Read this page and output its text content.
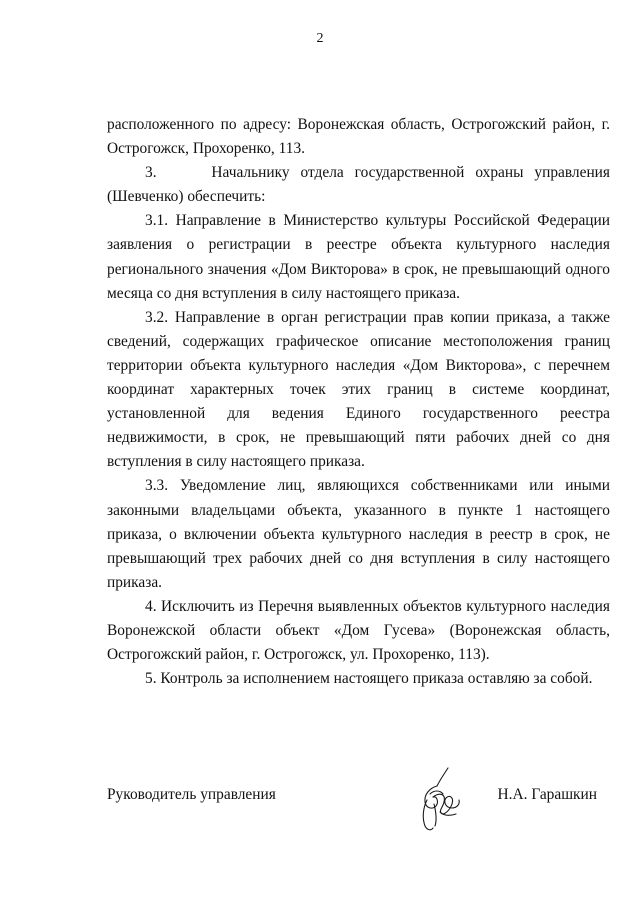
2

расположенного по адресу: Воронежская область, Острогожский район, г. Острогожск, Прохоренко, 113.

3.     Начальнику отдела государственной охраны управления (Шевченко) обеспечить:

3.1. Направление в Министерство культуры Российской Федерации заявления о регистрации в реестре объекта культурного наследия регионального значения «Дом Викторова» в срок, не превышающий одного месяца со дня вступления в силу настоящего приказа.

3.2. Направление в орган регистрации прав копии приказа, а также сведений, содержащих графическое описание местоположения границ территории объекта культурного наследия «Дом Викторова», с перечнем координат характерных точек этих границ в системе координат, установленной для ведения Единого государственного реестра недвижимости, в срок, не превышающий пяти рабочих дней со дня вступления в силу настоящего приказа.

3.3. Уведомление лиц, являющихся собственниками или иными законными владельцами объекта, указанного в пункте 1 настоящего приказа, о включении объекта культурного наследия в реестр в срок, не превышающий трех рабочих дней со дня вступления в силу настоящего приказа.

4. Исключить из Перечня выявленных объектов культурного наследия Воронежской области объект «Дом Гусева» (Воронежская область, Острогожский район, г. Острогожск, ул. Прохоренко, 113).

5. Контроль за исполнением настоящего приказа оставляю за собой.

Руководитель управления	Н.А. Гарашкин
